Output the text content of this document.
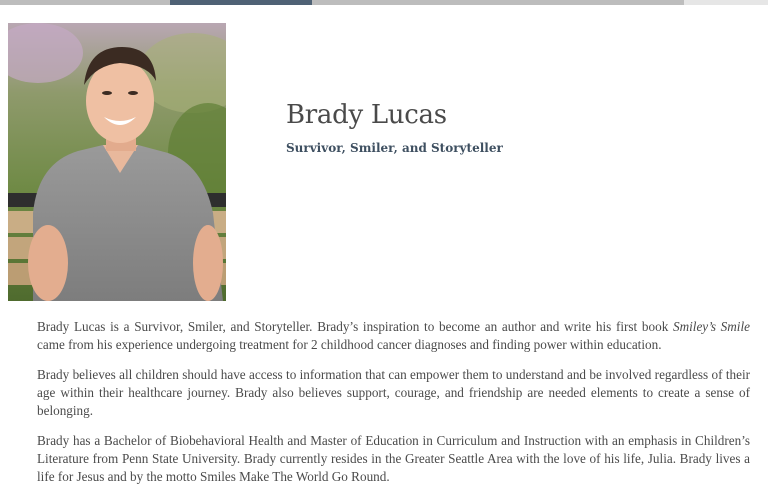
Brady Lucas
Survivor, Smiler, and Storyteller

Brady Lucas is a Survivor, Smiler, and Storyteller. Brady’s inspiration to become an author and write his first book Smiley’s Smile came from his experience undergoing treatment for 2 childhood cancer diagnoses and finding power within education.

Brady believes all children should have access to information that can empower them to understand and be involved regardless of their age within their healthcare journey. Brady also believes support, courage, and friendship are needed elements to create a sense of belonging.

Brady has a Bachelor of Biobehavioral Health and Master of Education in Curriculum and Instruction with an emphasis in Children’s Literature from Penn State University. Brady currently resides in the Greater Seattle Area with the love of his life, Julia. Brady lives a life for Jesus and by the motto Smiles Make The World Go Round.
